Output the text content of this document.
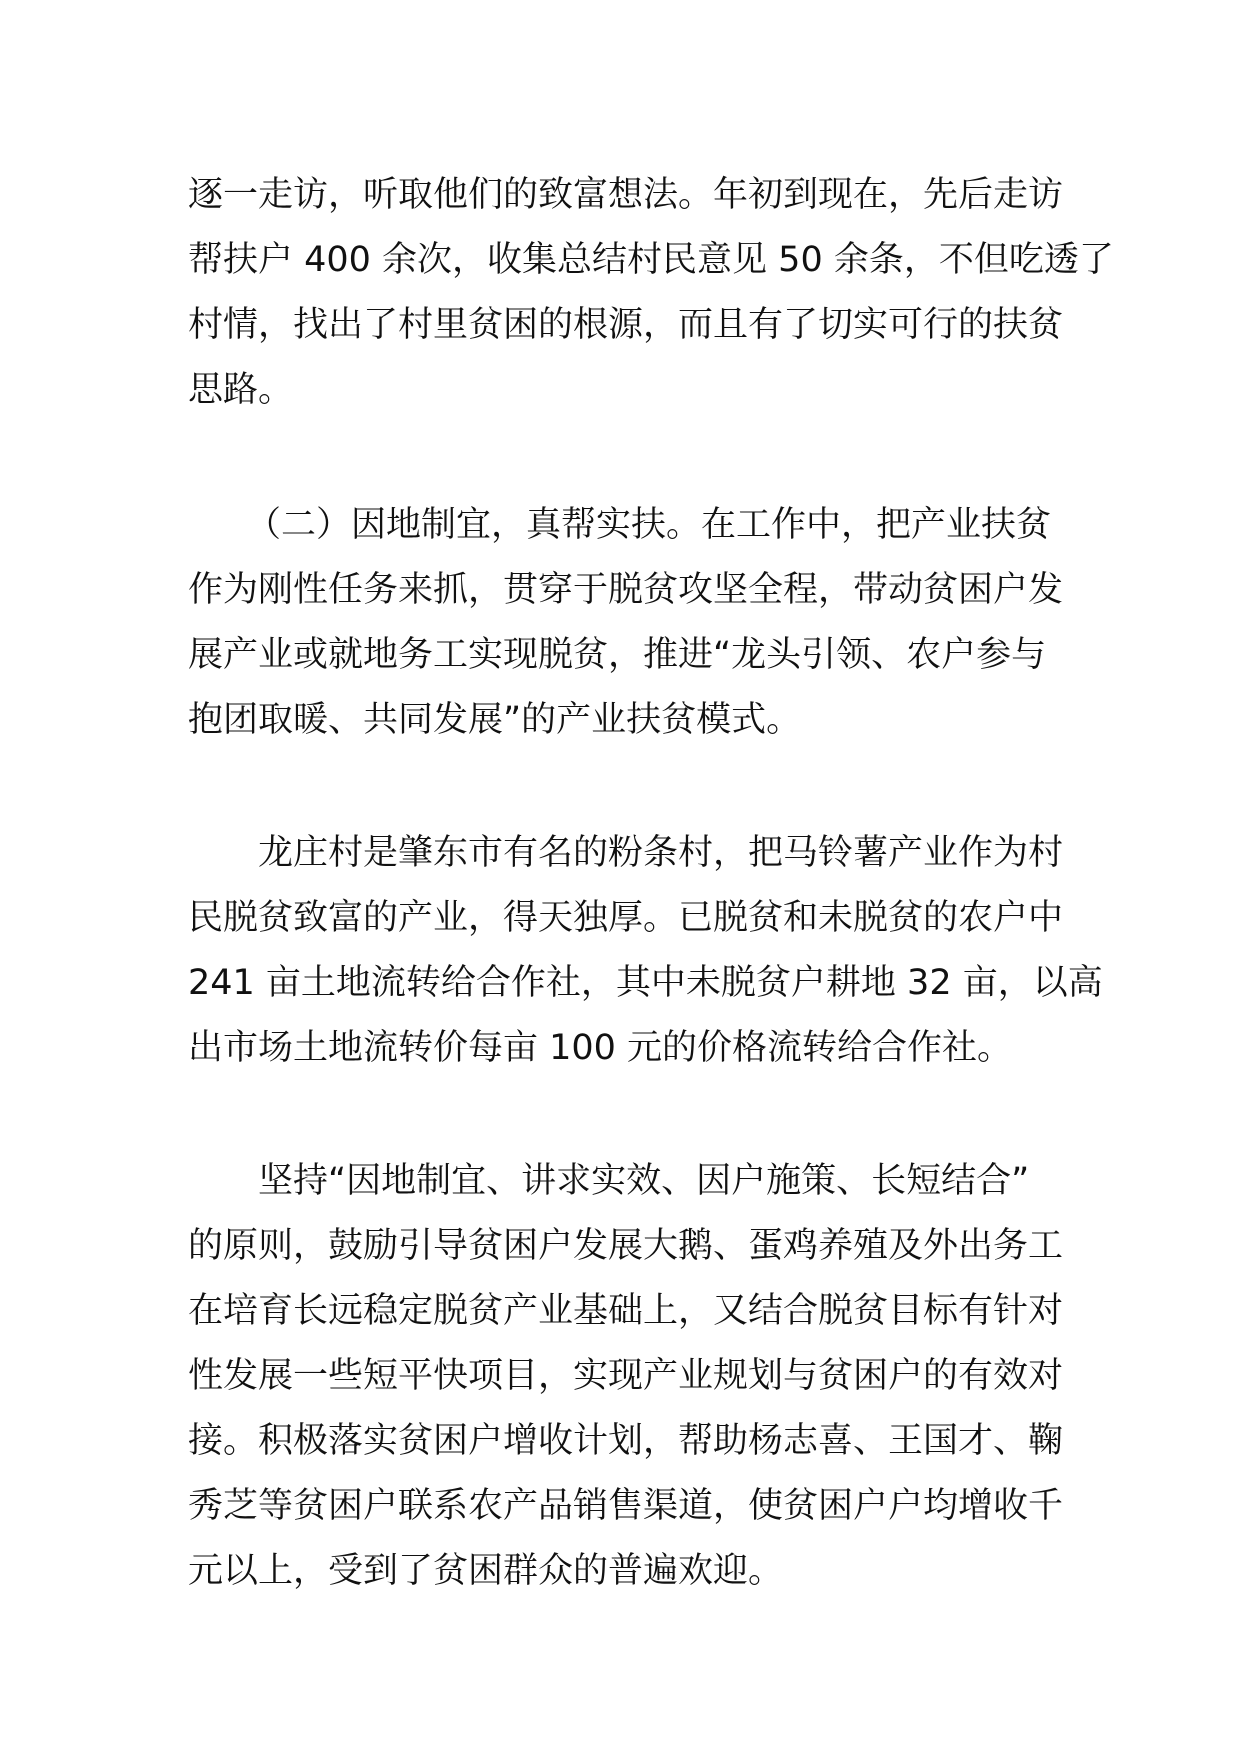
逐一走访，听取他们的致富想法。年初到现在，先后走访
帮扶户 400 余次，收集总结村民意见 50 余条，不但吃透了
村情，找出了村里贫困的根源，而且有了切实可行的扶贫
思路。
（二）因地制宜，真帮实扶。在工作中，把产业扶贫
作为刚性任务来抓，贯穿于脱贫攻坚全程，带动贫困户发
展产业或就地务工实现脱贫，推进“龙头引领、农户参与
抱团取暖、共同发展”的产业扶贫模式。
龙庄村是肇东市有名的粉条村，把马铃薯产业作为村
民脱贫致富的产业，得天独厚。已脱贫和未脱贫的农户中
241 亩土地流转给合作社，其中未脱贫户耕地 32 亩，以高
出市场土地流转价每亩 100 元的价格流转给合作社。
坚持“因地制宜、讲求实效、因户施策、长短结合”
的原则，鼓励引导贫困户发展大鹅、蛋鸡养殖及外出务工
在培育长远稳定脱贫产业基础上，又结合脱贫目标有针对
性发展一些短平快项目，实现产业规划与贫困户的有效对
接。积极落实贫困户增收计划，帮助杨志喜、王国才、鞠
秀芝等贫困户联系农产品销售渠道，使贫困户户均增收千
元以上，受到了贫困群众的普遍欢迎。
